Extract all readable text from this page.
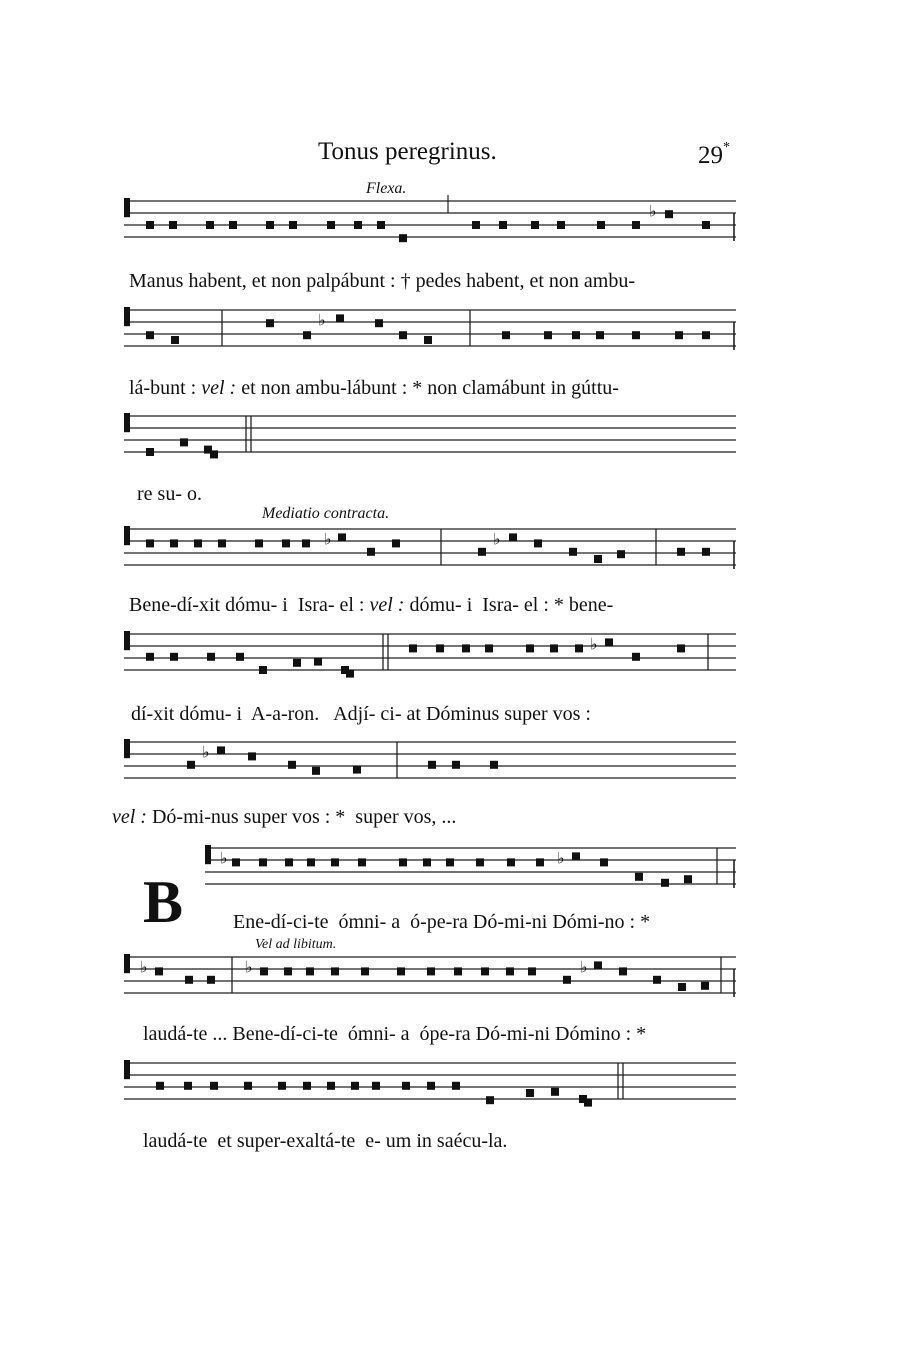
Tonus peregrinus.	29*
♭
♭
♭	♭
♭
♭
♭	♭
♭	♭	♭
Flexa.
Manus habent, et non palpábunt : † pedes habent, et non ambu-
lá-bunt : vel : et non ambu-lábunt : * non clamábunt in gúttu-
re su- o.
Mediatio contracta.
Bene-dí-xit dómu- i  Isra- el : vel : dómu- i  Isra- el : * bene-
dí-xit dómu- i  A-a-ron.   Adjí- ci- at Dóminus super vos :
vel : Dó-mi-nus super vos : *  super vos, ...
B Ene-dí-ci-te  ómni- a  ó-pe-ra Dó-mi-ni Dómi-no : *
Vel ad libitum.
laudá-te ... Bene-dí-ci-te  ómni- a  ópe-ra Dó-mi-ni Dómino : *
laudá-te  et super-exaltá-te  e- um in saécu-la.
